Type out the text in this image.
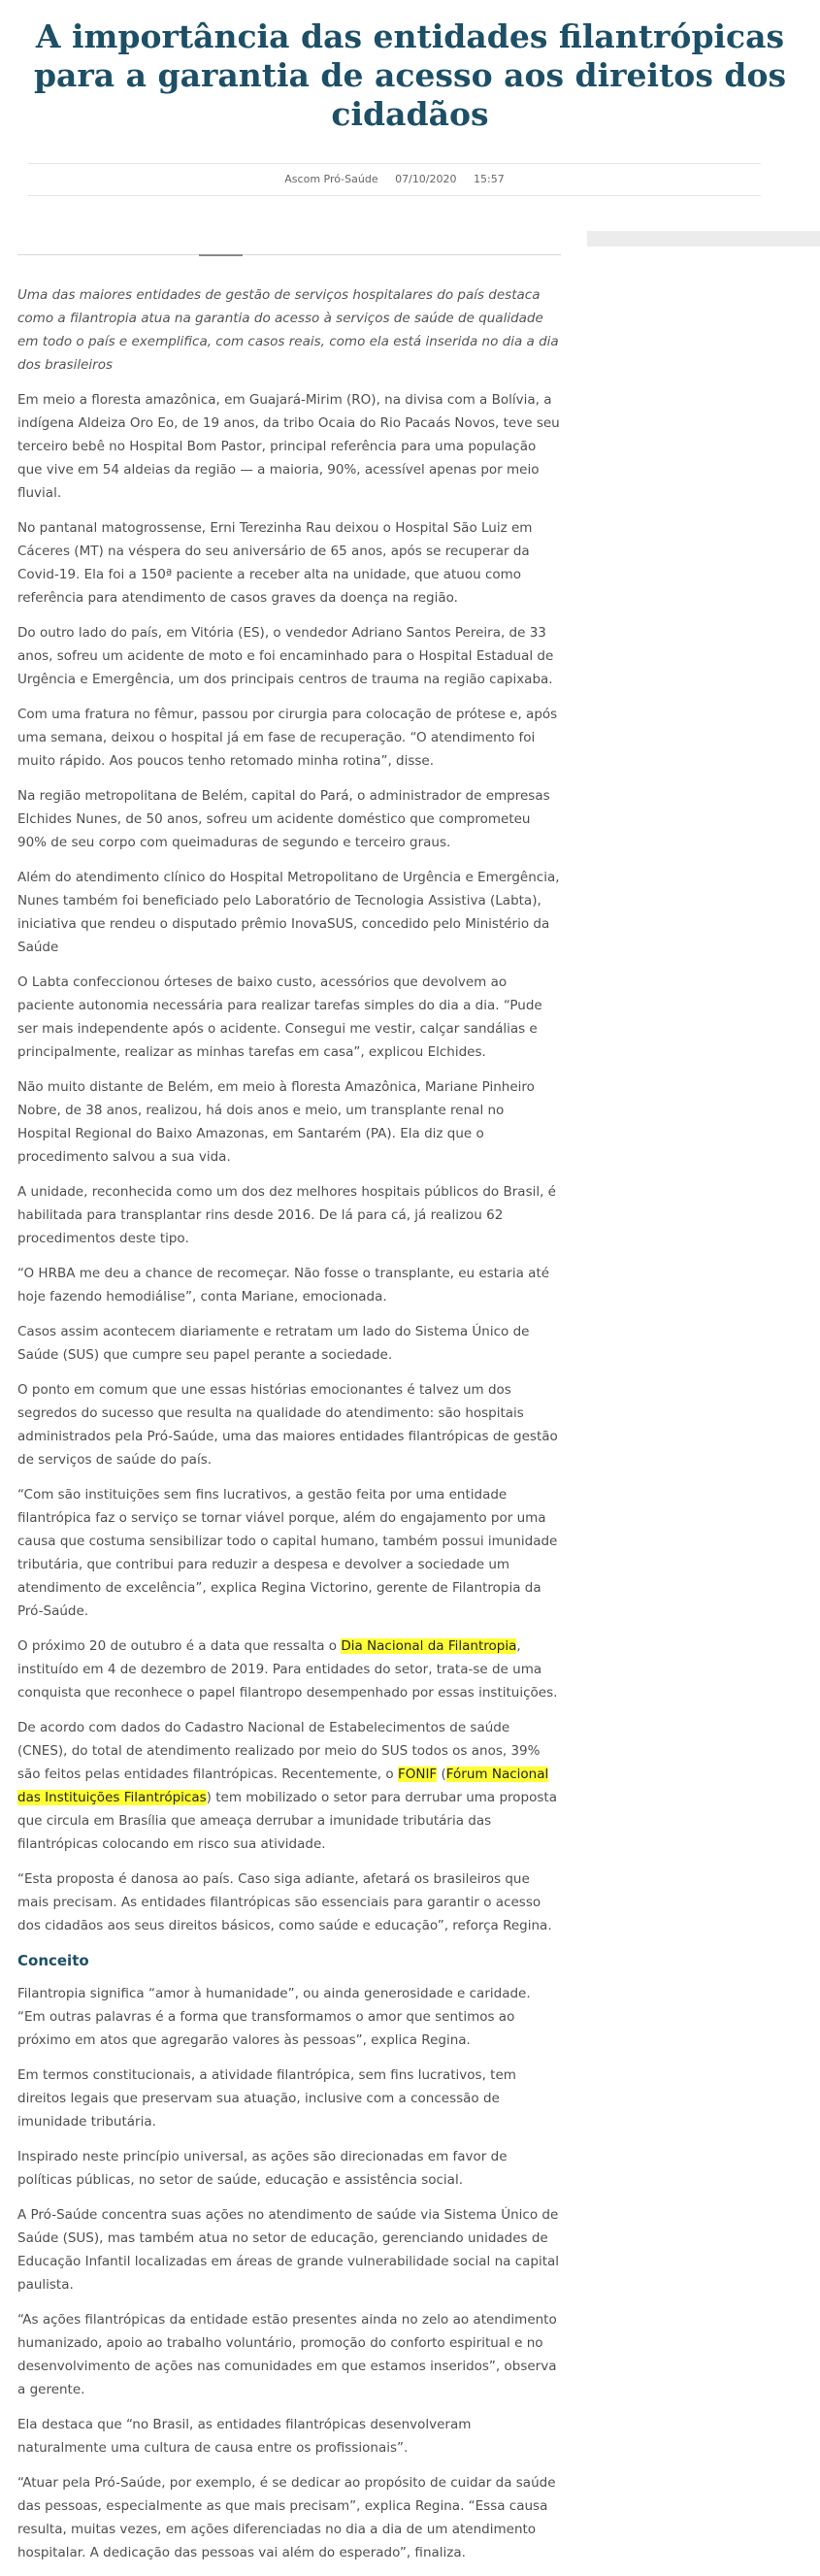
A importância das entidades filantrópicas para a garantia de acesso aos direitos dos cidadãos
Ascom Pró-Saúde 07/10/2020 15:57

Uma das maiores entidades de gestão de serviços hospitalares do país destaca como a filantropia atua na garantia do acesso à serviços de saúde de qualidade em todo o país e exemplifica, com casos reais, como ela está inserida no dia a dia dos brasileiros

Em meio a floresta amazônica, em Guajará-Mirim (RO), na divisa com a Bolívia, a indígena Aldeiza Oro Eo, de 19 anos, da tribo Ocaia do Rio Pacaás Novos, teve seu terceiro bebê no Hospital Bom Pastor, principal referência para uma população que vive em 54 aldeias da região — a maioria, 90%, acessível apenas por meio fluvial.

No pantanal matogrossense, Erni Terezinha Rau deixou o Hospital São Luiz em Cáceres (MT) na véspera do seu aniversário de 65 anos, após se recuperar da Covid-19. Ela foi a 150ª paciente a receber alta na unidade, que atuou como referência para atendimento de casos graves da doença na região.

Do outro lado do país, em Vitória (ES), o vendedor Adriano Santos Pereira, de 33 anos, sofreu um acidente de moto e foi encaminhado para o Hospital Estadual de Urgência e Emergência, um dos principais centros de trauma na região capixaba.

Com uma fratura no fêmur, passou por cirurgia para colocação de prótese e, após uma semana, deixou o hospital já em fase de recuperação. “O atendimento foi muito rápido. Aos poucos tenho retomado minha rotina”, disse.

Na região metropolitana de Belém, capital do Pará, o administrador de empresas Elchides Nunes, de 50 anos, sofreu um acidente doméstico que comprometeu 90% de seu corpo com queimaduras de segundo e terceiro graus.

Além do atendimento clínico do Hospital Metropolitano de Urgência e Emergência, Nunes também foi beneficiado pelo Laboratório de Tecnologia Assistiva (Labta), iniciativa que rendeu o disputado prêmio InovaSUS, concedido pelo Ministério da Saúde

O Labta confeccionou órteses de baixo custo, acessórios que devolvem ao paciente autonomia necessária para realizar tarefas simples do dia a dia. “Pude ser mais independente após o acidente. Consegui me vestir, calçar sandálias e principalmente, realizar as minhas tarefas em casa”, explicou Elchides.

Não muito distante de Belém, em meio à floresta Amazônica, Mariane Pinheiro Nobre, de 38 anos, realizou, há dois anos e meio, um transplante renal no Hospital Regional do Baixo Amazonas, em Santarém (PA). Ela diz que o procedimento salvou a sua vida.

A unidade, reconhecida como um dos dez melhores hospitais públicos do Brasil, é habilitada para transplantar rins desde 2016. De lá para cá, já realizou 62 procedimentos deste tipo.

“O HRBA me deu a chance de recomeçar. Não fosse o transplante, eu estaria até hoje fazendo hemodiálise”, conta Mariane, emocionada.

Casos assim acontecem diariamente e retratam um lado do Sistema Único de Saúde (SUS) que cumpre seu papel perante a sociedade.

O ponto em comum que une essas histórias emocionantes é talvez um dos segredos do sucesso que resulta na qualidade do atendimento: são hospitais administrados pela Pró-Saúde, uma das maiores entidades filantrópicas de gestão de serviços de saúde do país.

“Com são instituições sem fins lucrativos, a gestão feita por uma entidade filantrópica faz o serviço se tornar viável porque, além do engajamento por uma causa que costuma sensibilizar todo o capital humano, também possui imunidade tributária, que contribui para reduzir a despesa e devolver a sociedade um atendimento de excelência”, explica Regina Victorino, gerente de Filantropia da Pró-Saúde.

O próximo 20 de outubro é a data que ressalta o Dia Nacional da Filantropia, instituído em 4 de dezembro de 2019. Para entidades do setor, trata-se de uma conquista que reconhece o papel filantropo desempenhado por essas instituições.

De acordo com dados do Cadastro Nacional de Estabelecimentos de saúde (CNES), do total de atendimento realizado por meio do SUS todos os anos, 39% são feitos pelas entidades filantrópicas. Recentemente, o FONIF (Fórum Nacional das Instituições Filantrópicas) tem mobilizado o setor para derrubar uma proposta que circula em Brasília que ameaça derrubar a imunidade tributária das filantrópicas colocando em risco sua atividade.

“Esta proposta é danosa ao país. Caso siga adiante, afetará os brasileiros que mais precisam. As entidades filantrópicas são essenciais para garantir o acesso dos cidadãos aos seus direitos básicos, como saúde e educação”, reforça Regina.

Conceito

Filantropia significa “amor à humanidade”, ou ainda generosidade e caridade. “Em outras palavras é a forma que transformamos o amor que sentimos ao próximo em atos que agregarão valores às pessoas”, explica Regina.

Em termos constitucionais, a atividade filantrópica, sem fins lucrativos, tem direitos legais que preservam sua atuação, inclusive com a concessão de imunidade tributária.

Inspirado neste princípio universal, as ações são direcionadas em favor de políticas públicas, no setor de saúde, educação e assistência social.

A Pró-Saúde concentra suas ações no atendimento de saúde via Sistema Único de Saúde (SUS), mas também atua no setor de educação, gerenciando unidades de Educação Infantil localizadas em áreas de grande vulnerabilidade social na capital paulista.

“As ações filantrópicas da entidade estão presentes ainda no zelo ao atendimento humanizado, apoio ao trabalho voluntário, promoção do conforto espiritual e no desenvolvimento de ações nas comunidades em que estamos inseridos”, observa a gerente.

Ela destaca que “no Brasil, as entidades filantrópicas desenvolveram naturalmente uma cultura de causa entre os profissionais”.

“Atuar pela Pró-Saúde, por exemplo, é se dedicar ao propósito de cuidar da saúde das pessoas, especialmente as que mais precisam”, explica Regina. “Essa causa resulta, muitas vezes, em ações diferenciadas no dia a dia de um atendimento hospitalar. A dedicação das pessoas vai além do esperado”, finaliza.
